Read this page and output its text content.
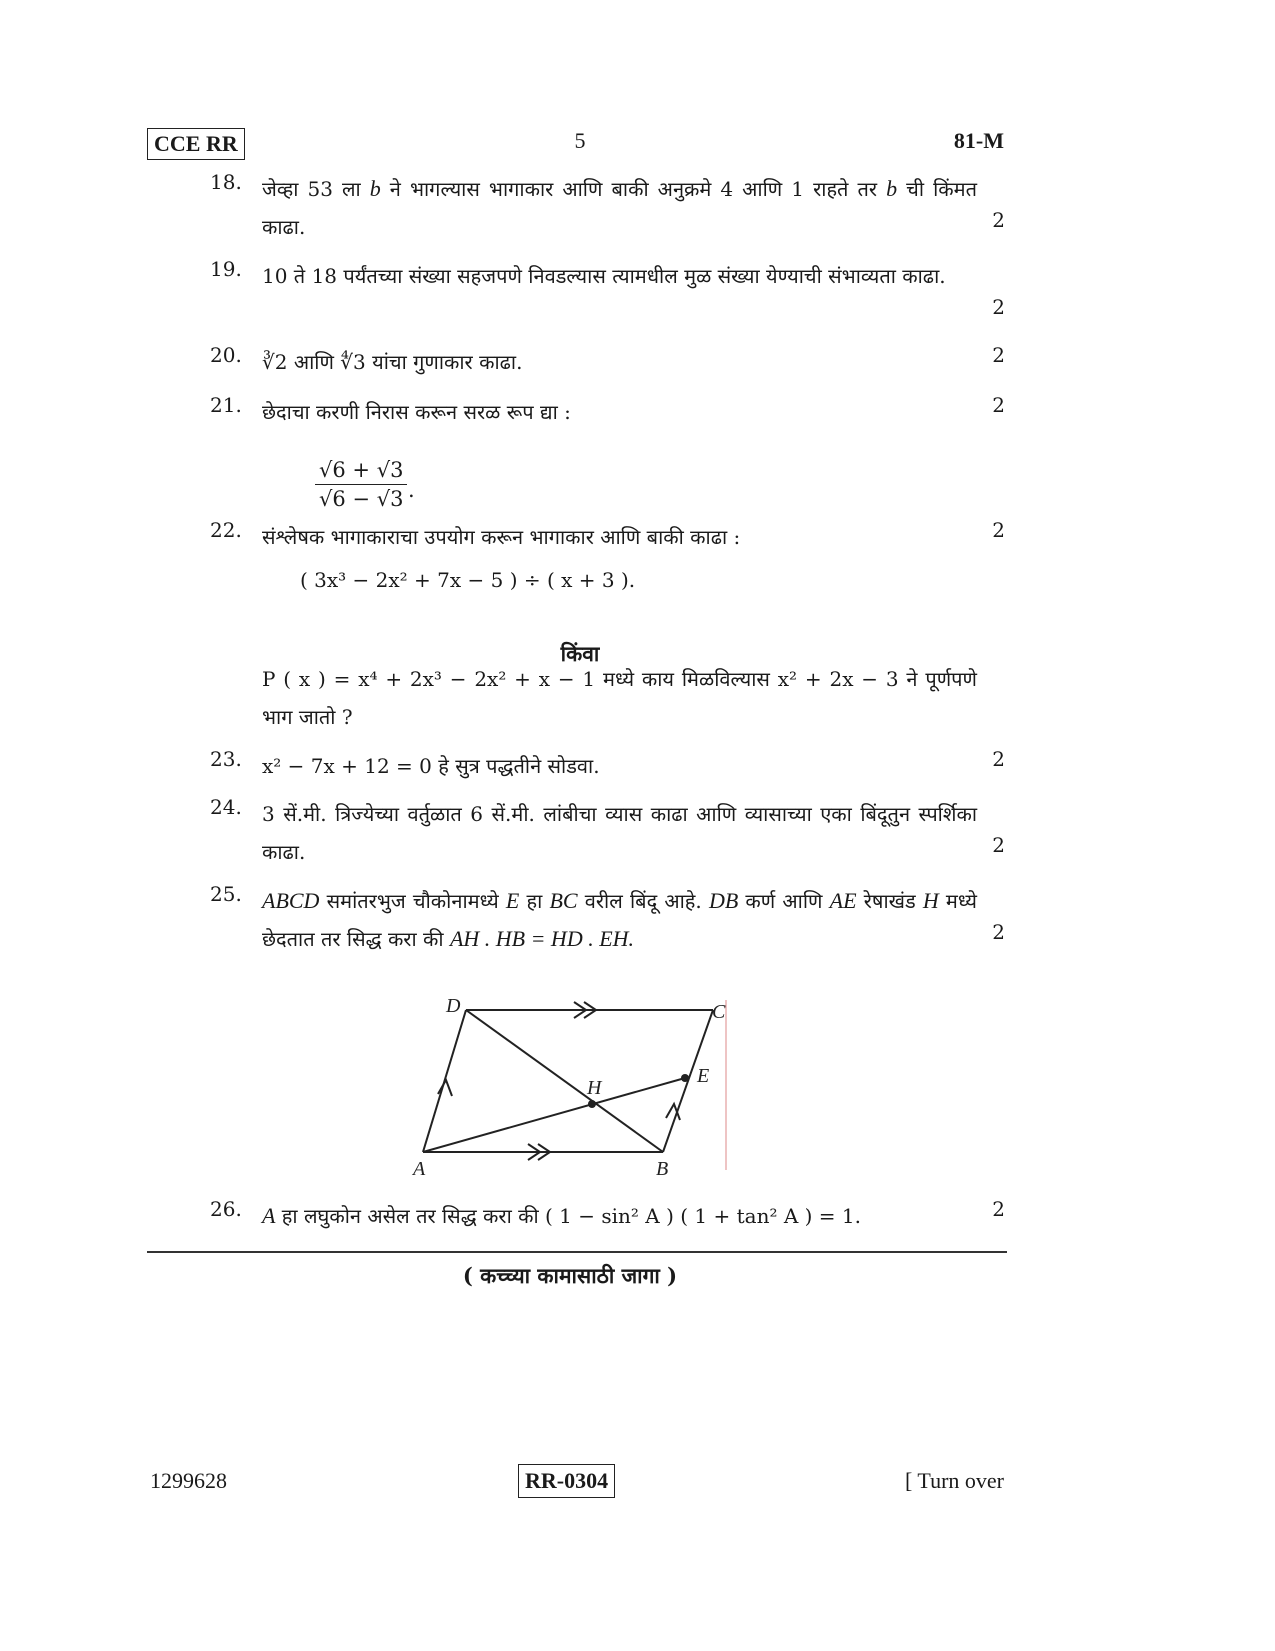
CCE RR	5	81-M
18.	जेव्हा 53 ला b ने भागल्यास भागाकार आणि बाकी अनुक्रमे 4 आणि 1 राहते तर b ची किंमत काढा.	2
19.	10 ते 18 पर्यंतच्या संख्या सहजपणे निवडल्यास त्यामधील मुळ संख्या येण्याची संभाव्यता काढा.
2
20.	∛2 आणि ∜3 यांचा गुणाकार काढा.	2
21.	छेदाचा करणी निरास करून सरळ रूप द्या :	2
$\frac{√6 + √3}{√6 - √3}$ .
22.	संश्लेषक भागाकाराचा उपयोग करून भागाकार आणि बाकी काढा :	2
( 3x³ − 2x² + 7x − 5 ) ÷ ( x + 3 ).
किंवा
P ( x ) = x⁴ + 2x³ − 2x² + x − 1 मध्ये काय मिळविल्यास x² + 2x − 3 ने पूर्णपणे भाग जातो ?
23.	x² − 7x + 12 = 0 हे सुत्र पद्धतीने सोडवा.	2
24.	3 सें.मी. त्रिज्येच्या वर्तुळात 6 सें.मी. लांबीचा व्यास काढा आणि व्यासाच्या एका बिंदूतुन स्पर्शिका काढा.	2
25. ABCD समांतरभुज चौकोनामध्ये E हा BC वरील बिंदू आहे. DB कर्ण आणि AE रेषाखंड H मध्ये छेदतात तर सिद्ध करा की AH . HB = HD . EH.	2
A	B
C
D
E
H
26. A हा लघुकोन असेल तर सिद्ध करा की ( 1 − sin² A ) ( 1 + tan² A ) = 1.	2
( कच्च्या कामासाठी जागा )
1299628	RR-0304	[ Turn over
